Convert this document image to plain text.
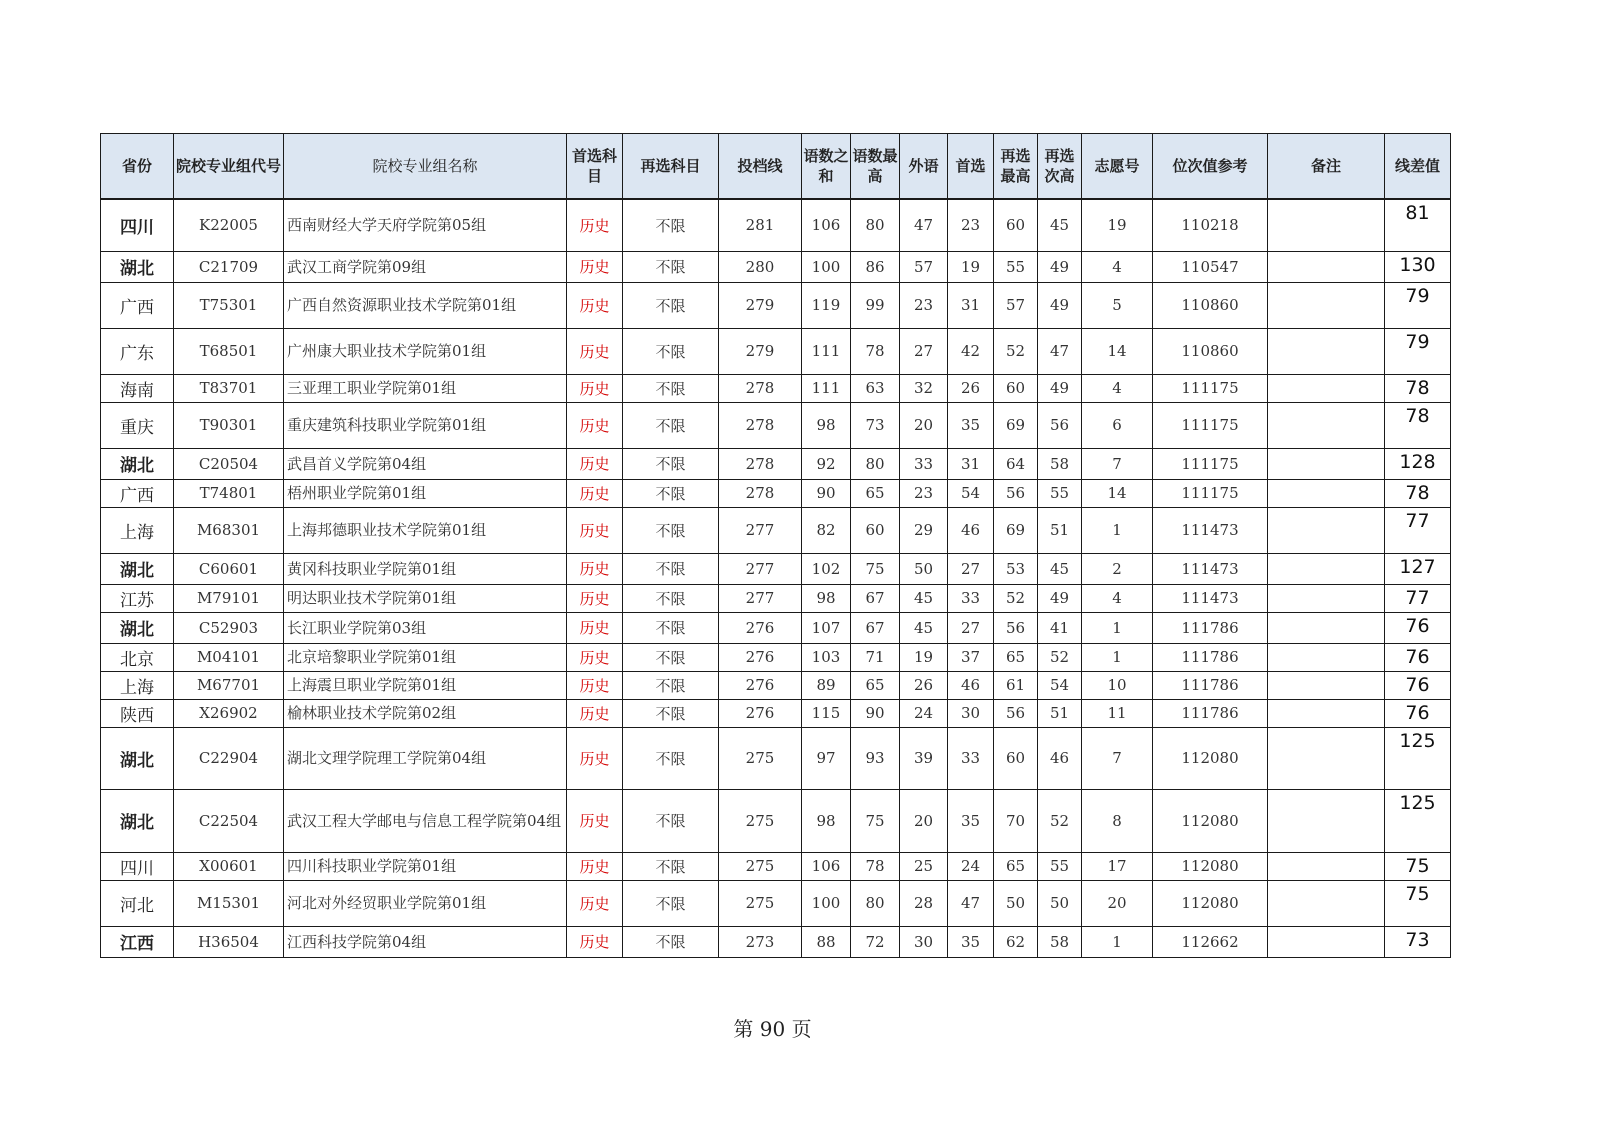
省份	院校专业组代号	院校专业组名称	首选科目	再选科目	投档线	语数之和	语数最高	外语	首选	再选最高	再选次高	志愿号	位次值参考	备注	线差值
四川	K22005	西南财经大学天府学院第05组	历史	不限	281	106	80	47	23	60	45	19	110218		81
湖北	C21709	武汉工商学院第09组	历史	不限	280	100	86	57	19	55	49	4	110547		130
广西	T75301	广西自然资源职业技术学院第01组	历史	不限	279	119	99	23	31	57	49	5	110860		79
广东	T68501	广州康大职业技术学院第01组	历史	不限	279	111	78	27	42	52	47	14	110860		79
海南	T83701	三亚理工职业学院第01组	历史	不限	278	111	63	32	26	60	49	4	111175		78
重庆	T90301	重庆建筑科技职业学院第01组	历史	不限	278	98	73	20	35	69	56	6	111175		78
湖北	C20504	武昌首义学院第04组	历史	不限	278	92	80	33	31	64	58	7	111175		128
广西	T74801	梧州职业学院第01组	历史	不限	278	90	65	23	54	56	55	14	111175		78
上海	M68301	上海邦德职业技术学院第01组	历史	不限	277	82	60	29	46	69	51	1	111473		77
湖北	C60601	黄冈科技职业学院第01组	历史	不限	277	102	75	50	27	53	45	2	111473		127
江苏	M79101	明达职业技术学院第01组	历史	不限	277	98	67	45	33	52	49	4	111473		77
湖北	C52903	长江职业学院第03组	历史	不限	276	107	67	45	27	56	41	1	111786		76
北京	M04101	北京培黎职业学院第01组	历史	不限	276	103	71	19	37	65	52	1	111786		76
上海	M67701	上海震旦职业学院第01组	历史	不限	276	89	65	26	46	61	54	10	111786		76
陕西	X26902	榆林职业技术学院第02组	历史	不限	276	115	90	24	30	56	51	11	111786		76
湖北	C22904	湖北文理学院理工学院第04组	历史	不限	275	97	93	39	33	60	46	7	112080		125
湖北	C22504	武汉工程大学邮电与信息工程学院第04组	历史	不限	275	98	75	20	35	70	52	8	112080		125
四川	X00601	四川科技职业学院第01组	历史	不限	275	106	78	25	24	65	55	17	112080		75
河北	M15301	河北对外经贸职业学院第01组	历史	不限	275	100	80	28	47	50	50	20	112080		75
江西	H36504	江西科技学院第04组	历史	不限	273	88	72	30	35	62	58	1	112662		73
第 90 页
